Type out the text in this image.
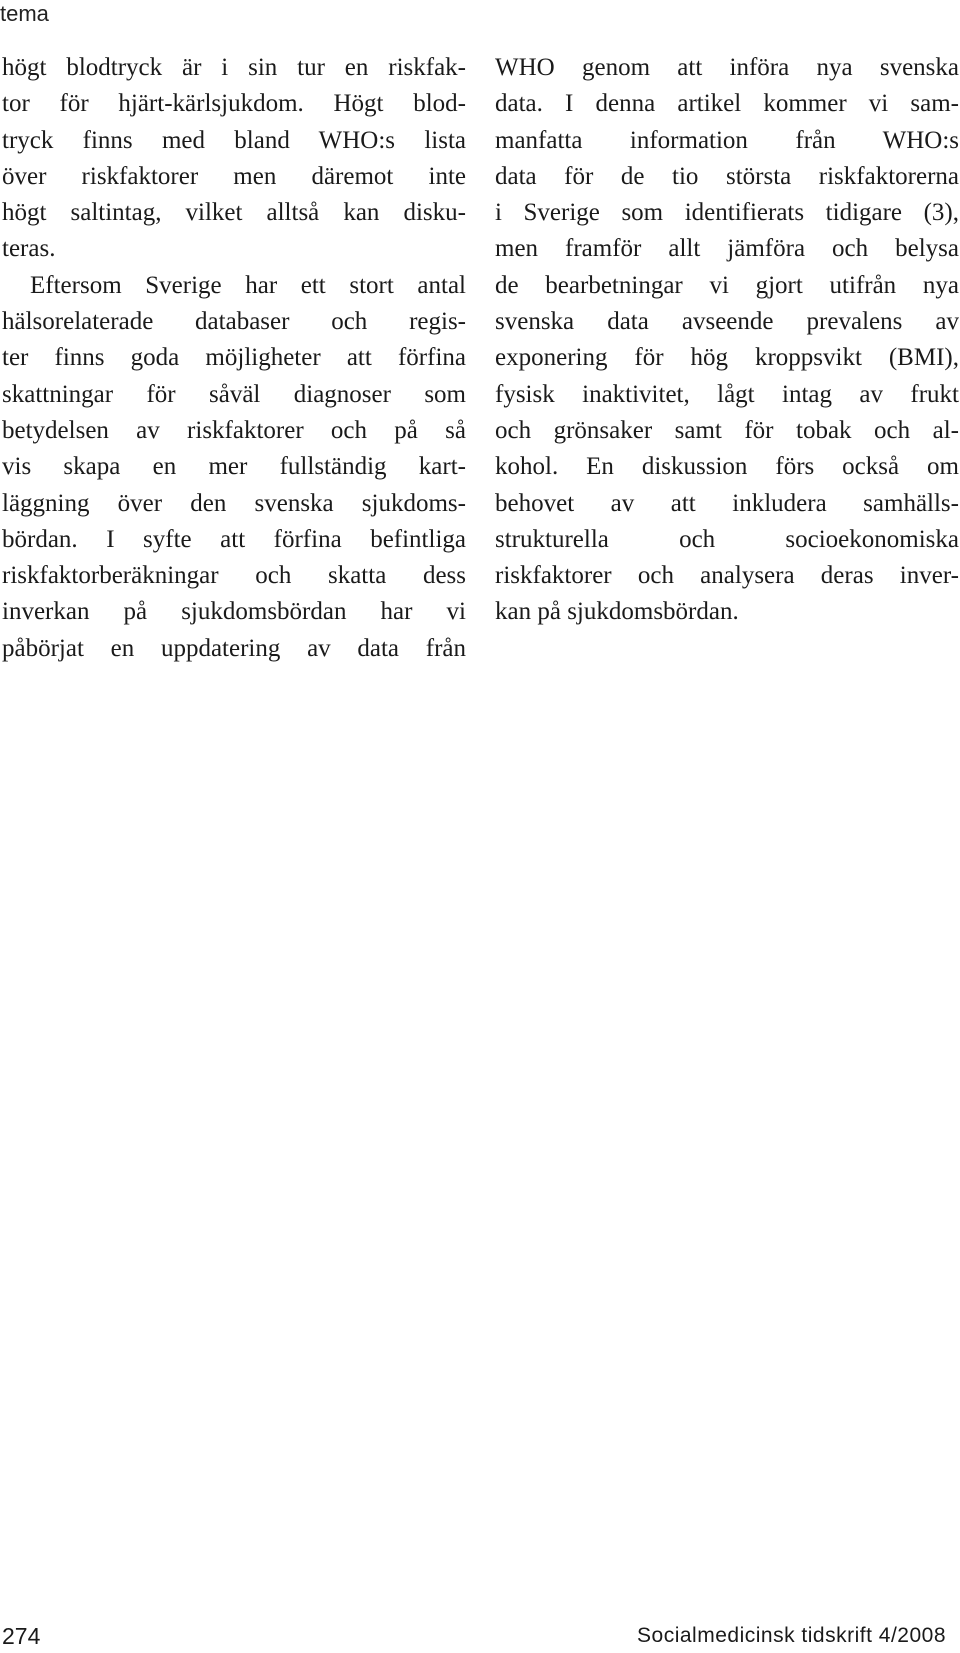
tema
högt blodtryck är i sin tur en riskfak-
tor för hjärt-kärlsjukdom. Högt blod-
tryck finns med bland WHO:s lista
över riskfaktorer men däremot inte
högt saltintag, vilket alltså kan disku-
teras.
Eftersom Sverige har ett stort antal
hälsorelaterade databaser och regis-
ter finns goda möjligheter att förfina
skattningar för såväl diagnoser som
betydelsen av riskfaktorer och på så
vis skapa en mer fullständig kart-
läggning över den svenska sjukdoms-
bördan. I syfte att förfina befintliga
riskfaktorberäkningar och skatta dess
inverkan på sjukdomsbördan har vi
påbörjat en uppdatering av data från
WHO genom att införa nya svenska
data. I denna artikel kommer vi sam-
manfatta information från WHO:s
data för de tio största riskfaktorerna
i Sverige som identifierats tidigare (3),
men framför allt jämföra och belysa
de bearbetningar vi gjort utifrån nya
svenska data avseende prevalens av
exponering för hög kroppsvikt (BMI),
fysisk inaktivitet, lågt intag av frukt
och grönsaker samt för tobak och al-
kohol. En diskussion förs också om
behovet av att inkludera samhälls-
strukturella och socioekonomiska
riskfaktorer och analysera deras inver-
kan på sjukdomsbördan.
274	Socialmedicinsk tidskrift 4/2008
